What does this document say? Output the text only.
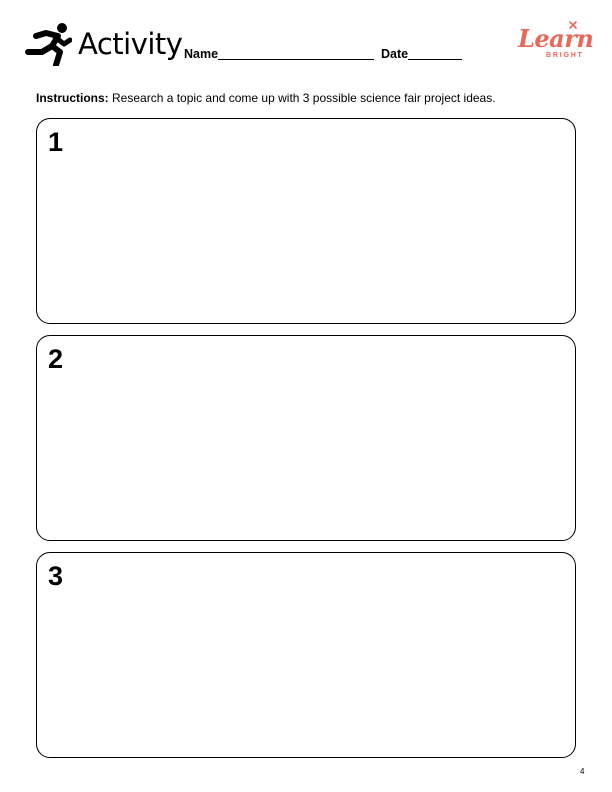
Activity Name	Date
Learn
BRIGHT
Instructions: Research a topic and come up with 3 possible science fair project ideas.
1
2
3
4
